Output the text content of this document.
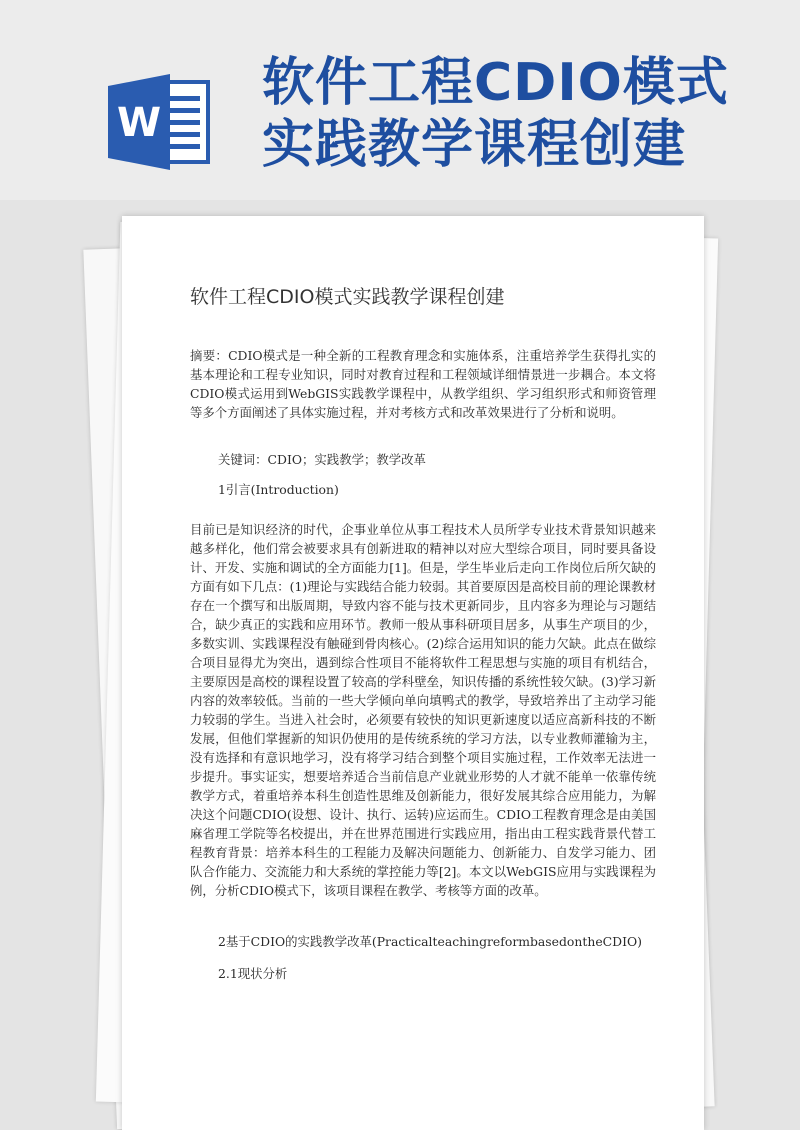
W
软件工程CDIO模式
实践教学课程创建
软件工程CDIO模式实践教学课程创建
摘要：CDIO模式是一种全新的工程教育理念和实施体系，注重培养学生获得扎实的基本理论和工程专业知识，同时对教育过程和工程领域详细情景进一步耦合。本文将CDIO模式运用到WebGIS实践教学课程中，从教学组织、学习组织形式和师资管理等多个方面阐述了具体实施过程，并对考核方式和改革效果进行了分析和说明。
关键词：CDIO；实践教学；教学改革
1引言(Introduction)
目前已是知识经济的时代，企事业单位从事工程技术人员所学专业技术背景知识越来越多样化，他们常会被要求具有创新进取的精神以对应大型综合项目，同时要具备设计、开发、实施和调试的全方面能力[1]。但是，学生毕业后走向工作岗位后所欠缺的方面有如下几点：(1)理论与实践结合能力较弱。其首要原因是高校目前的理论课教材存在一个撰写和出版周期，导致内容不能与技术更新同步，且内容多为理论与习题结合，缺少真正的实践和应用环节。教师一般从事科研项目居多，从事生产项目的少，多数实训、实践课程没有触碰到骨肉核心。(2)综合运用知识的能力欠缺。此点在做综合项目显得尤为突出，遇到综合性项目不能将软件工程思想与实施的项目有机结合，主要原因是高校的课程设置了较高的学科壁垒，知识传播的系统性较欠缺。(3)学习新内容的效率较低。当前的一些大学倾向单向填鸭式的教学，导致培养出了主动学习能力较弱的学生。当进入社会时，必须要有较快的知识更新速度以适应高新科技的不断发展，但他们掌握新的知识仍使用的是传统系统的学习方法，以专业教师灌输为主，没有选择和有意识地学习，没有将学习结合到整个项目实施过程，工作效率无法进一步提升。事实证实，想要培养适合当前信息产业就业形势的人才就不能单一依靠传统教学方式，着重培养本科生创造性思维及创新能力，很好发展其综合应用能力，为解决这个问题CDIO(设想、设计、执行、运转)应运而生。CDIO工程教育理念是由美国麻省理工学院等名校提出，并在世界范围进行实践应用，指出由工程实践背景代替工程教育背景：培养本科生的工程能力及解决问题能力、创新能力、自发学习能力、团队合作能力、交流能力和大系统的掌控能力等[2]。本文以WebGIS应用与实践课程为例，分析CDIO模式下，该项目课程在教学、考核等方面的改革。
2基于CDIO的实践教学改革(PracticalteachingreformbasedontheCDIO)
2.1现状分析
